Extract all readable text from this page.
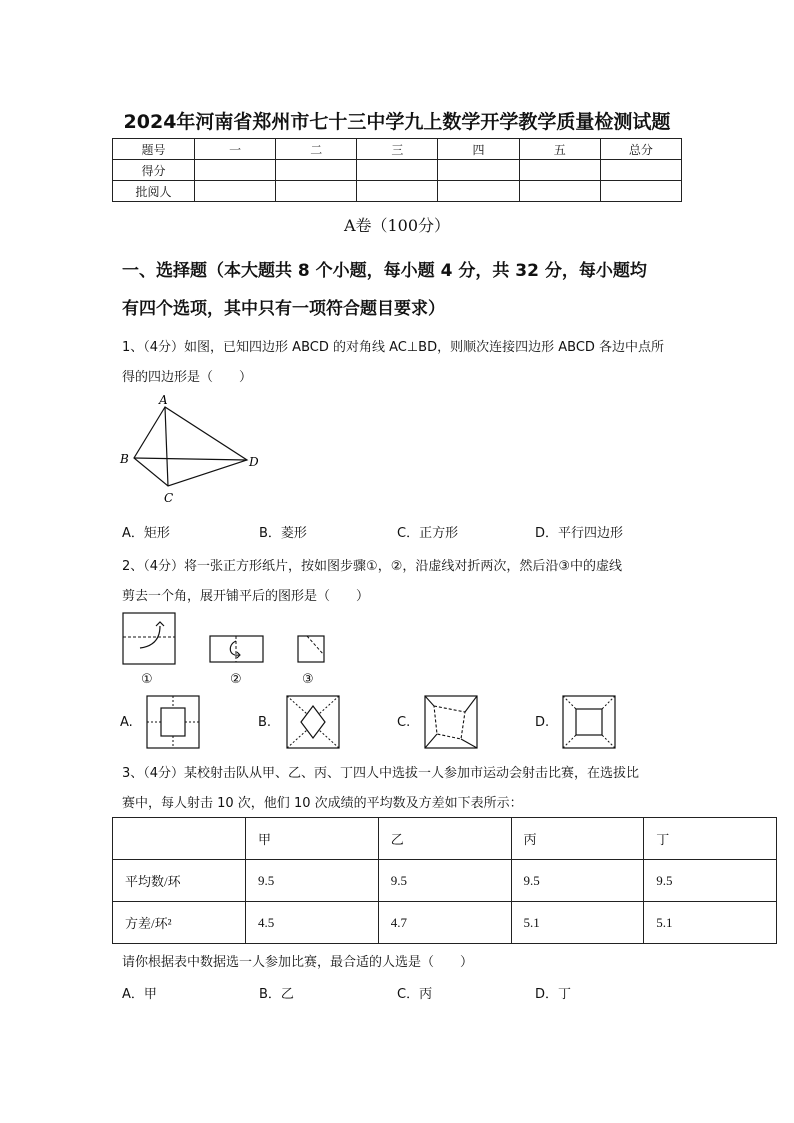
2024年河南省郑州市七十三中学九上数学开学教学质量检测试题
题号	一	二	三	四	五	总分
得分						
批阅人						
A卷（100分）
一、选择题（本大题共 8 个小题，每小题 4 分，共 32 分，每小题均
有四个选项，其中只有一项符合题目要求）
1、（4分）如图，已知四边形 ABCD 的对角线 AC⊥BD，则顺次连接四边形 ABCD 各边中点所
得的四边形是（　　）
A
B
C
D
A．矩形	B．菱形	C．正方形	D．平行四边形
2、（4分）将一张正方形纸片，按如图步骤①，②，沿虚线对折两次，然后沿③中的虚线
剪去一个角，展开铺平后的图形是（　　）
①	②	③
A.	B.	C.	D.
3、（4分）某校射击队从甲、乙、丙、丁四人中选拔一人参加市运动会射击比赛，在选拔比
赛中，每人射击 10 次，他们 10 次成绩的平均数及方差如下表所示：
	甲	乙	丙	丁
平均数/环	9.5	9.5	9.5	9.5
方差/环²	4.5	4.7	5.1	5.1
请你根据表中数据选一人参加比赛，最合适的人选是（　　）
A．甲	B．乙	C．丙	D．丁
